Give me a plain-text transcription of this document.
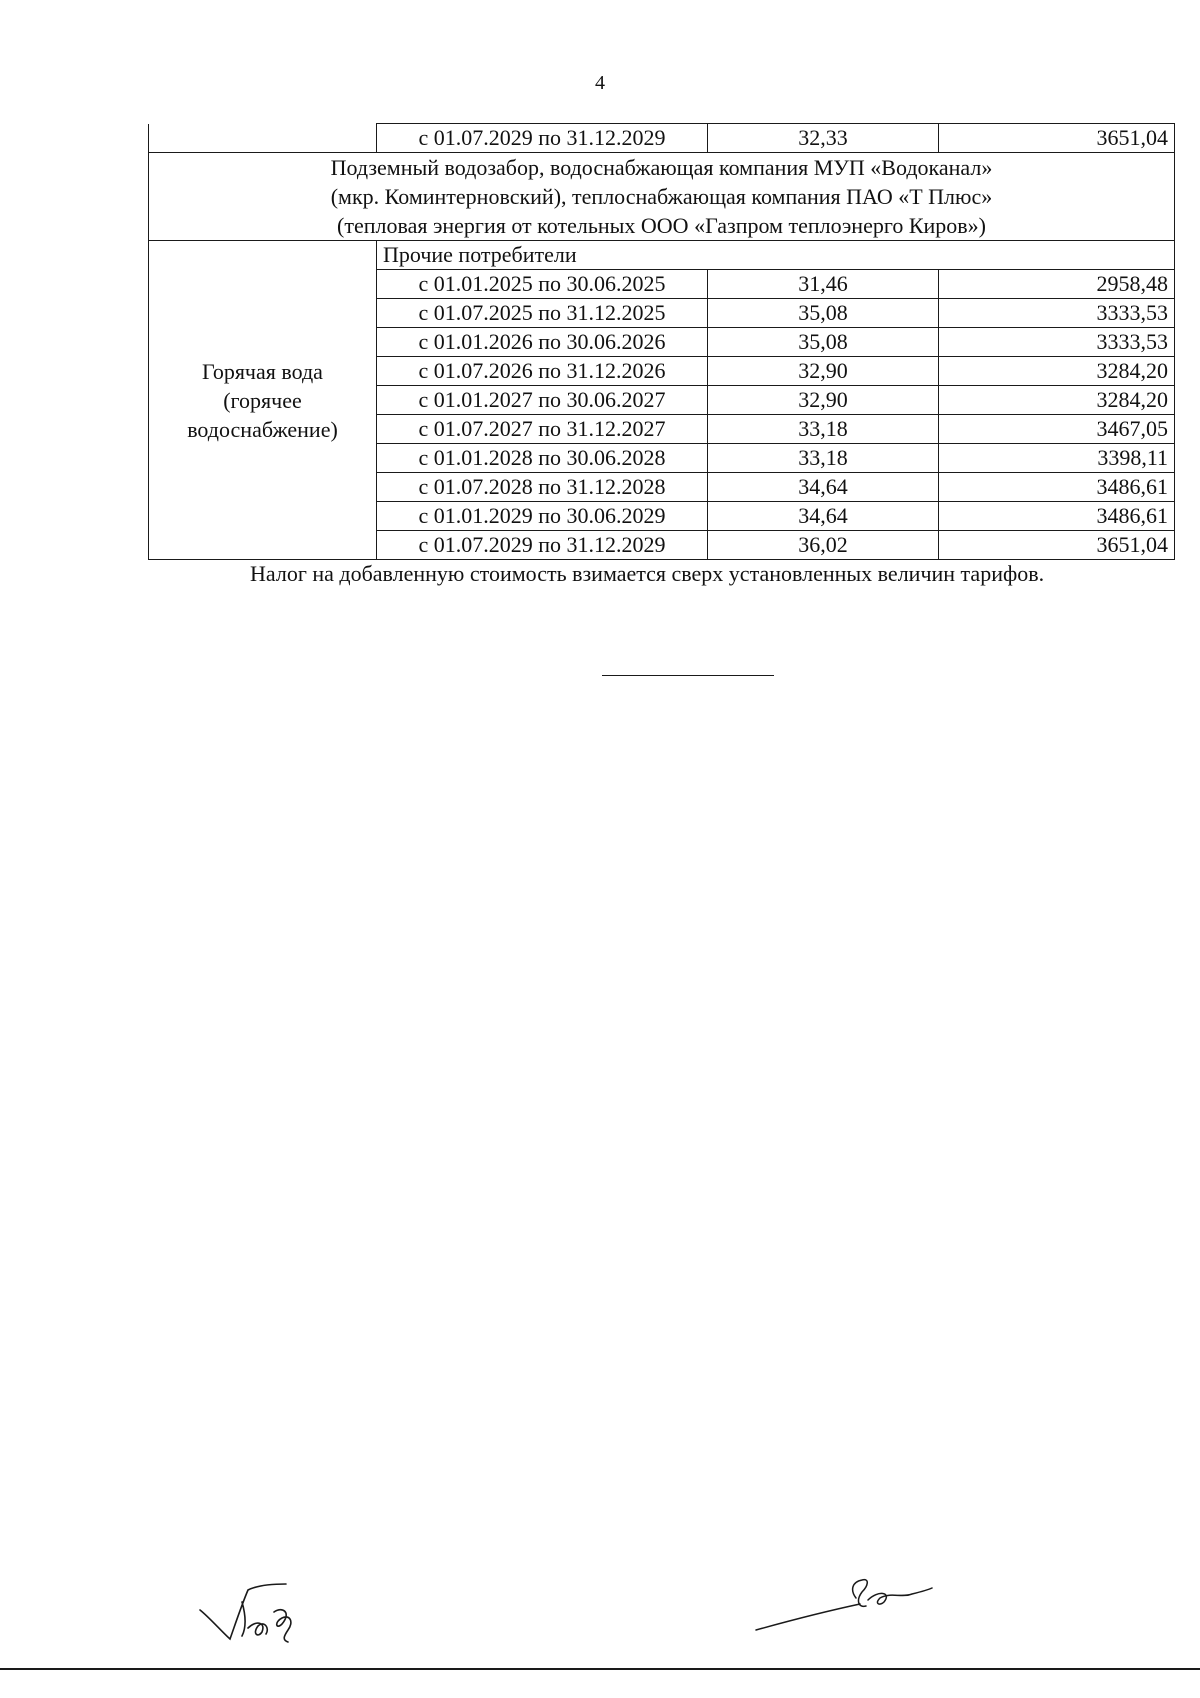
4
	с 01.07.2029 по 31.12.2029	32,33	3651,04

Подземный водозабор, водоснабжающая компания МУП «Водоканал»
(мкр. Коминтерновский), теплоснабжающая компания ПАО «Т Плюс»
(тепловая энергия от котельных ООО «Газпром теплоэнерго Киров»)			

Горячая вода
(горячее
водоснабжение)	Прочие потребители		
	с 01.01.2025 по 30.06.2025	31,46	2958,48
	с 01.07.2025 по 31.12.2025	35,08	3333,53
	с 01.01.2026 по 30.06.2026	35,08	3333,53
	с 01.07.2026 по 31.12.2026	32,90	3284,20
	с 01.01.2027 по 30.06.2027	32,90	3284,20
	с 01.07.2027 по 31.12.2027	33,18	3467,05
	с 01.01.2028 по 30.06.2028	33,18	3398,11
	с 01.07.2028 по 31.12.2028	34,64	3486,61
	с 01.01.2029 по 30.06.2029	34,64	3486,61
	с 01.07.2029 по 31.12.2029	36,02	3651,04
Налог на добавленную стоимость взимается сверх установленных величин тарифов.
